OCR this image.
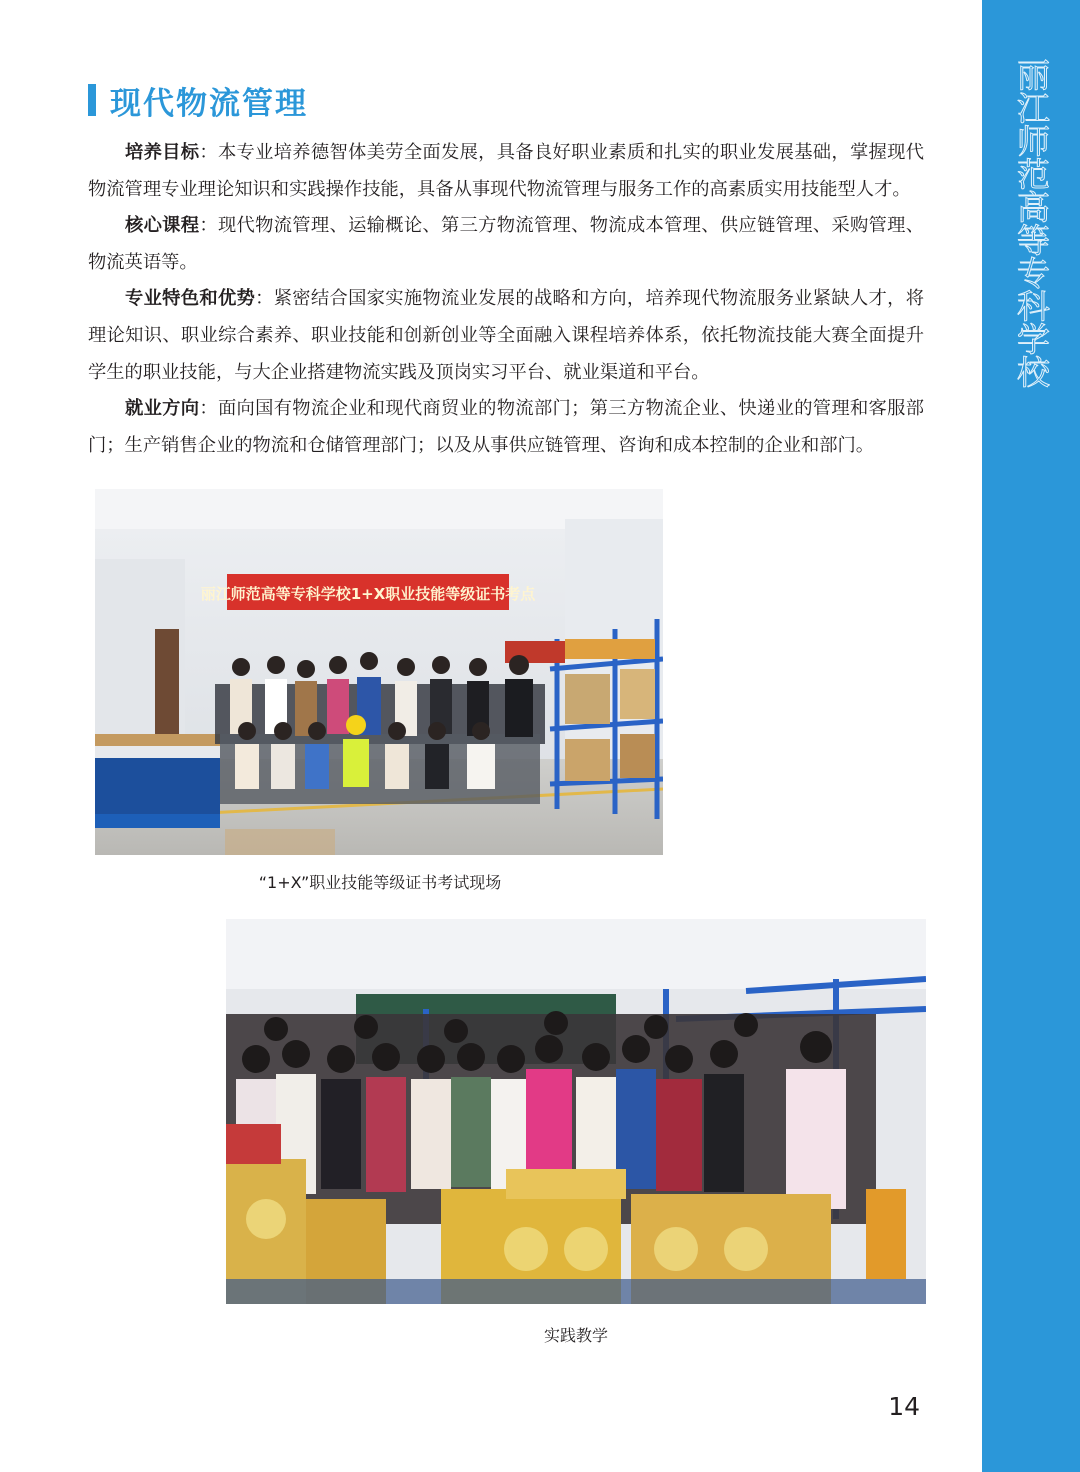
丽江师范高等专科学校
现代物流管理

培养目标：本专业培养德智体美劳全面发展，具备良好职业素质和扎实的职业发展基础，掌握现代物流管理专业理论知识和实践操作技能，具备从事现代物流管理与服务工作的高素质实用技能型人才。

核心课程：现代物流管理、运输概论、第三方物流管理、物流成本管理、供应链管理、采购管理、物流英语等。

专业特色和优势：紧密结合国家实施物流业发展的战略和方向，培养现代物流服务业紧缺人才，将理论知识、职业综合素养、职业技能和创新创业等全面融入课程培养体系，依托物流技能大赛全面提升学生的职业技能，与大企业搭建物流实践及顶岗实习平台、就业渠道和平台。

就业方向：面向国有物流企业和现代商贸业的物流部门；第三方物流企业、快递业的管理和客服部门；生产销售企业的物流和仓储管理部门；以及从事供应链管理、咨询和成本控制的企业和部门。

丽江师范高等专科学校1+X职业技能等级证书考点
“1+X”职业技能等级证书考试现场
实践教学
14
